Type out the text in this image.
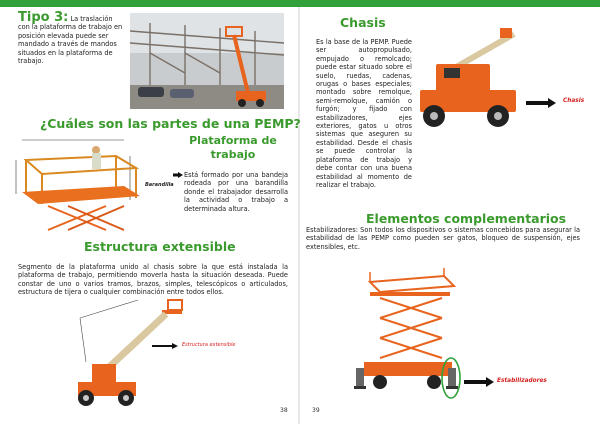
Tipo 3: La traslación con la plataforma de trabajo en posición elevada puede ser mandado a través de mandos situados en la plataforma de trabajo.
¿Cuáles son las partes de una PEMP?
Barandilla
Plataforma de trabajo
Está formado por una bandeja rodeada por una barandilla donde el trabajador desarrolla la actividad o trabajo a determinada altura.
Estructura extensible
Segmento de la plataforma unido al chasis sobre la que está instalada la plataforma de trabajo, permitiendo moverla hasta la situación deseada. Puede constar de uno o varios tramos, brazos, simples, telescópicos o articulados, estructura de tijera o cualquier combinación entre todos ellos.
Estructura extensible
38
Chasis
Es la base de la PEMP. Puede ser autopropulsado, empujado o remolcado; puede estar situado sobre el suelo, ruedas, cadenas, orugas o bases especiales; montado sobre remolque, semi-remolque, camión o furgón; y fijado con estabilizadores, ejes exteriores, gatos u otros sistemas que aseguren su estabilidad. Desde el chasis se puede controlar la plataforma de trabajo y debe contar con una buena estabilidad al momento de realizar el trabajo.
Chasis
Elementos complementarios
Estabilizadores: Son todos los dispositivos o sistemas concebidos para asegurar la estabilidad de las PEMP como pueden ser gatos, bloqueo de suspensión, ejes extensibles, etc.
Estabilizadores
39
